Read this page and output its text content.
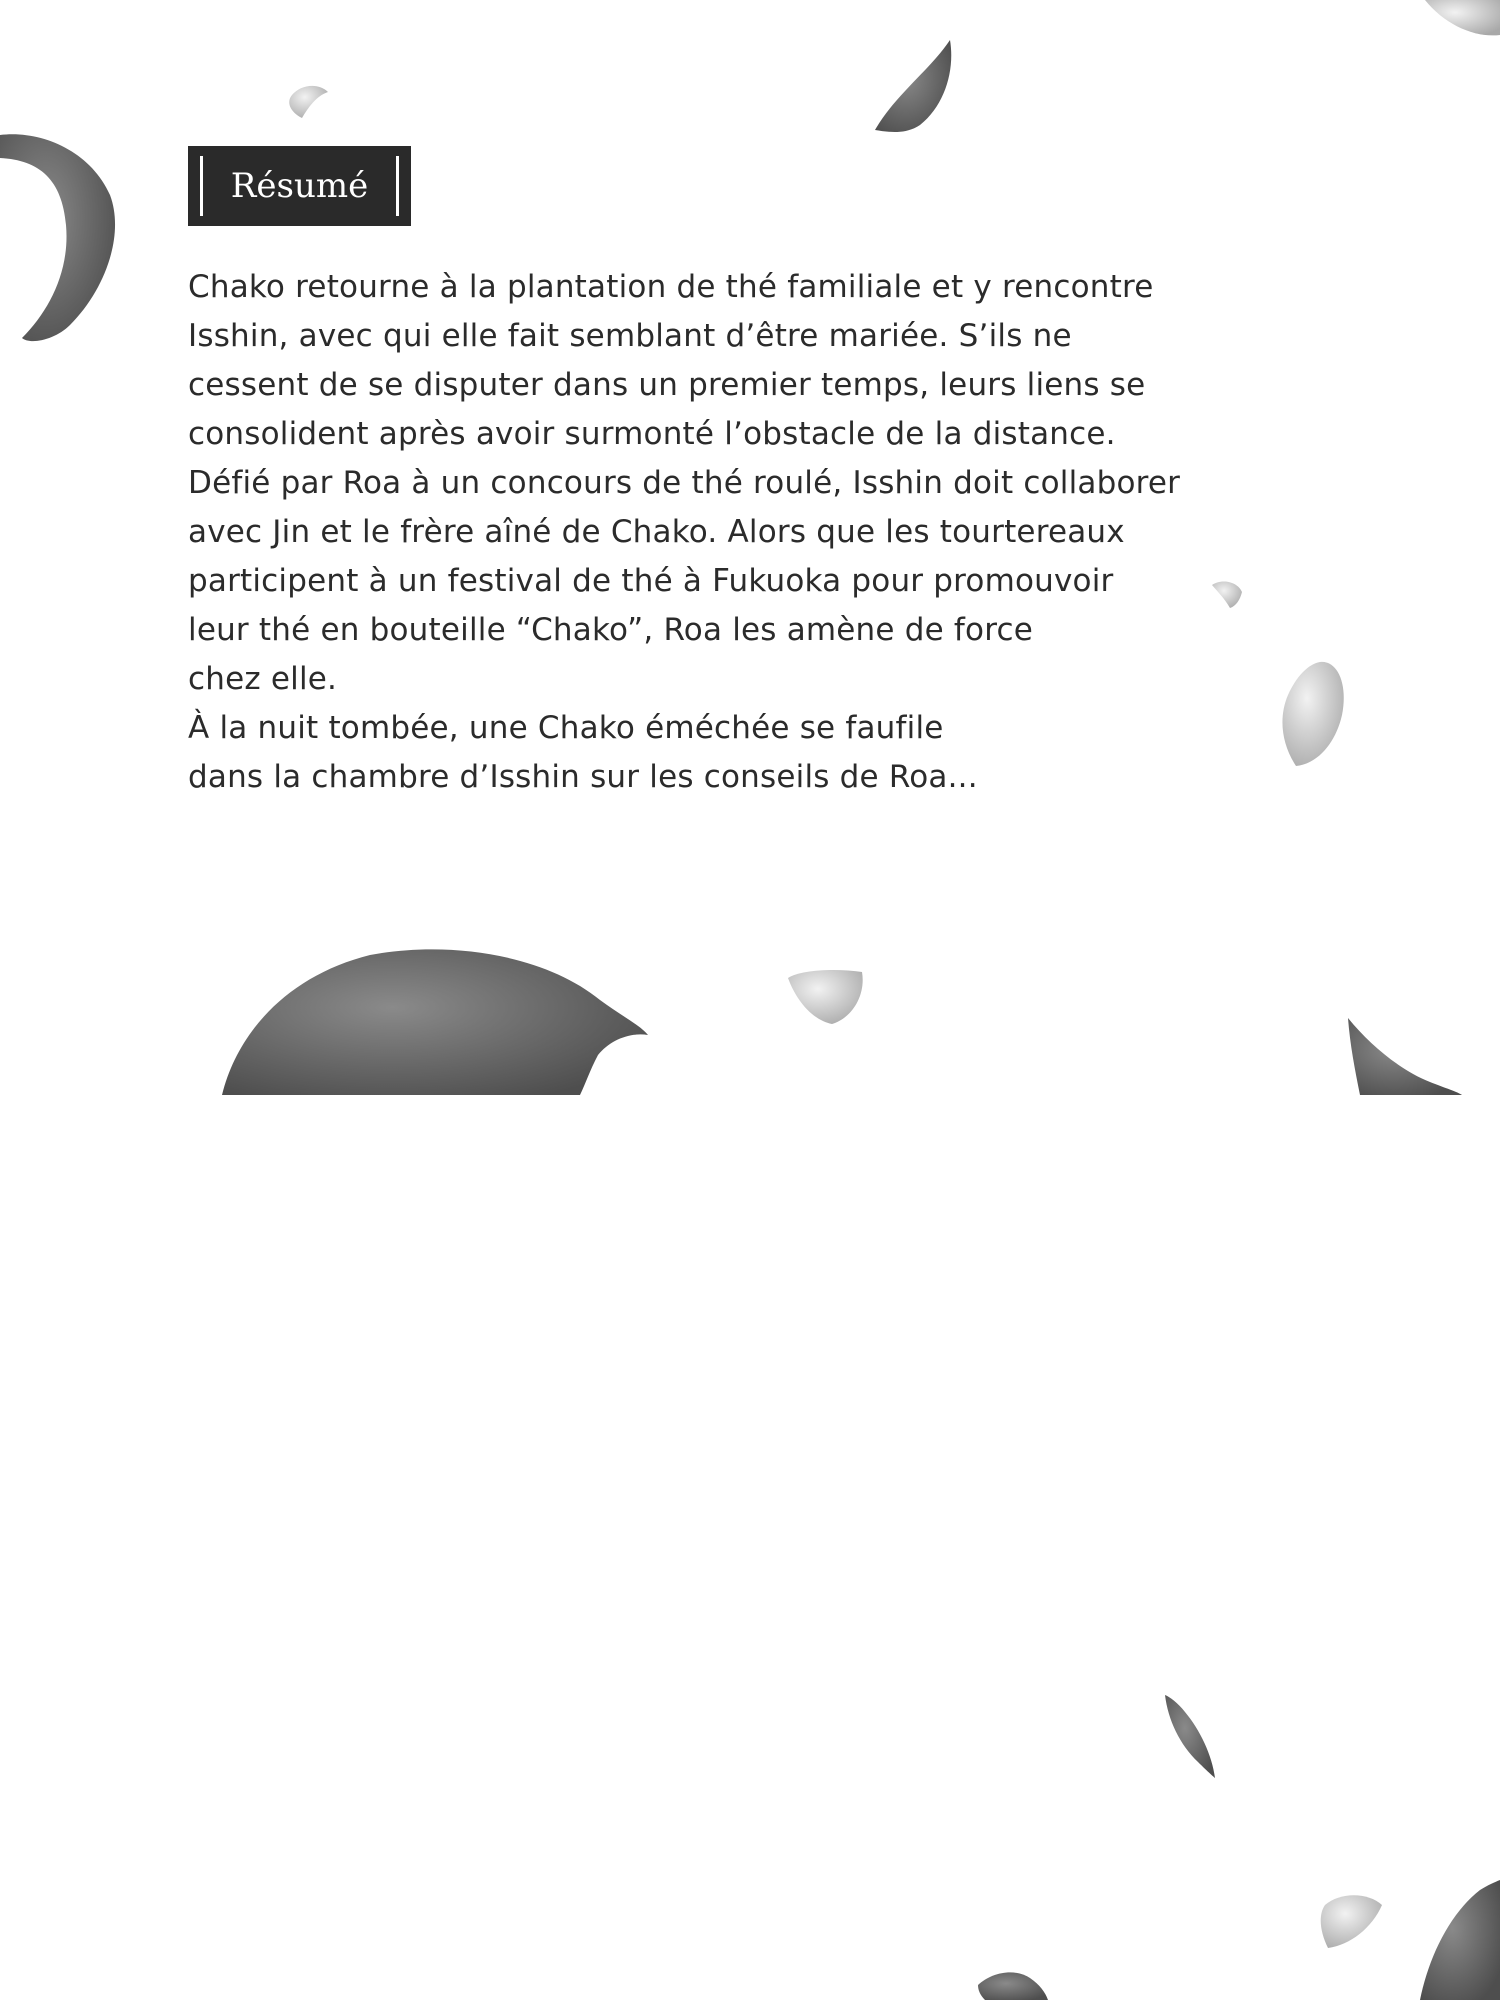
Résumé

Chako retourne à la plantation de thé familiale et y rencontre
Isshin, avec qui elle fait semblant d’être mariée. S’ils ne
cessent de se disputer dans un premier temps, leurs liens se
consolident après avoir surmonté l’obstacle de la distance.
Défié par Roa à un concours de thé roulé, Isshin doit collaborer
avec Jin et le frère aîné de Chako. Alors que les tourtereaux
participent à un festival de thé à Fukuoka pour promouvoir
leur thé en bouteille “Chako”, Roa les amène de force
chez elle.
À la nuit tombée, une Chako éméchée se faufile
dans la chambre d’Isshin sur les conseils de Roa...
